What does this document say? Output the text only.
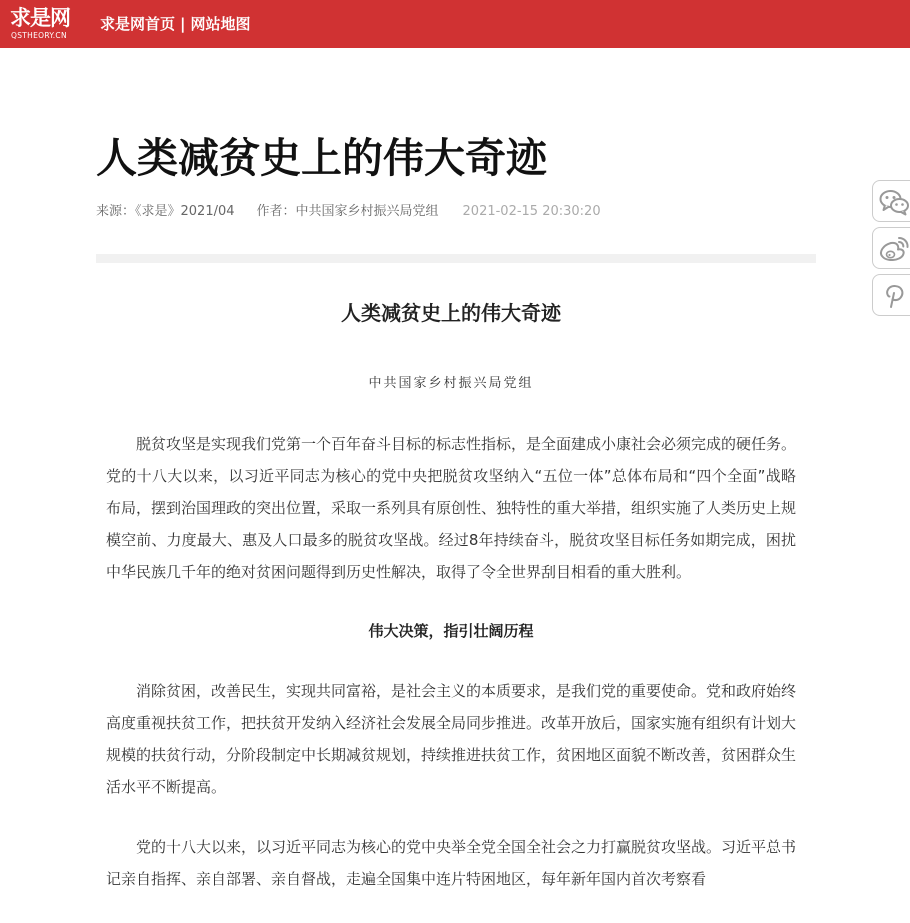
求是网
QSTHEORY.CN
求是网首页 | 网站地图
人类减贫史上的伟大奇迹
来源：《求是》2021/04 作者：中共国家乡村振兴局党组 2021-02-15 20:30:20
人类减贫史上的伟大奇迹

中共国家乡村振兴局党组

脱贫攻坚是实现我们党第一个百年奋斗目标的标志性指标，是全面建成小康社会必须完成的硬任务。党的十八大以来，以习近平同志为核心的党中央把脱贫攻坚纳入“五位一体”总体布局和“四个全面”战略布局，摆到治国理政的突出位置，采取一系列具有原创性、独特性的重大举措，组织实施了人类历史上规模空前、力度最大、惠及人口最多的脱贫攻坚战。经过8年持续奋斗，脱贫攻坚目标任务如期完成，困扰中华民族几千年的绝对贫困问题得到历史性解决，取得了令全世界刮目相看的重大胜利。

伟大决策，指引壮阔历程

消除贫困，改善民生，实现共同富裕，是社会主义的本质要求，是我们党的重要使命。党和政府始终高度重视扶贫工作，把扶贫开发纳入经济社会发展全局同步推进。改革开放后，国家实施有组织有计划大规模的扶贫行动，分阶段制定中长期减贫规划，持续推进扶贫工作，贫困地区面貌不断改善，贫困群众生活水平不断提高。

党的十八大以来，以习近平同志为核心的党中央举全党全国全社会之力打赢脱贫攻坚战。习近平总书记亲自指挥、亲自部署、亲自督战，走遍全国集中连片特困地区，每年新年国内首次考察看
